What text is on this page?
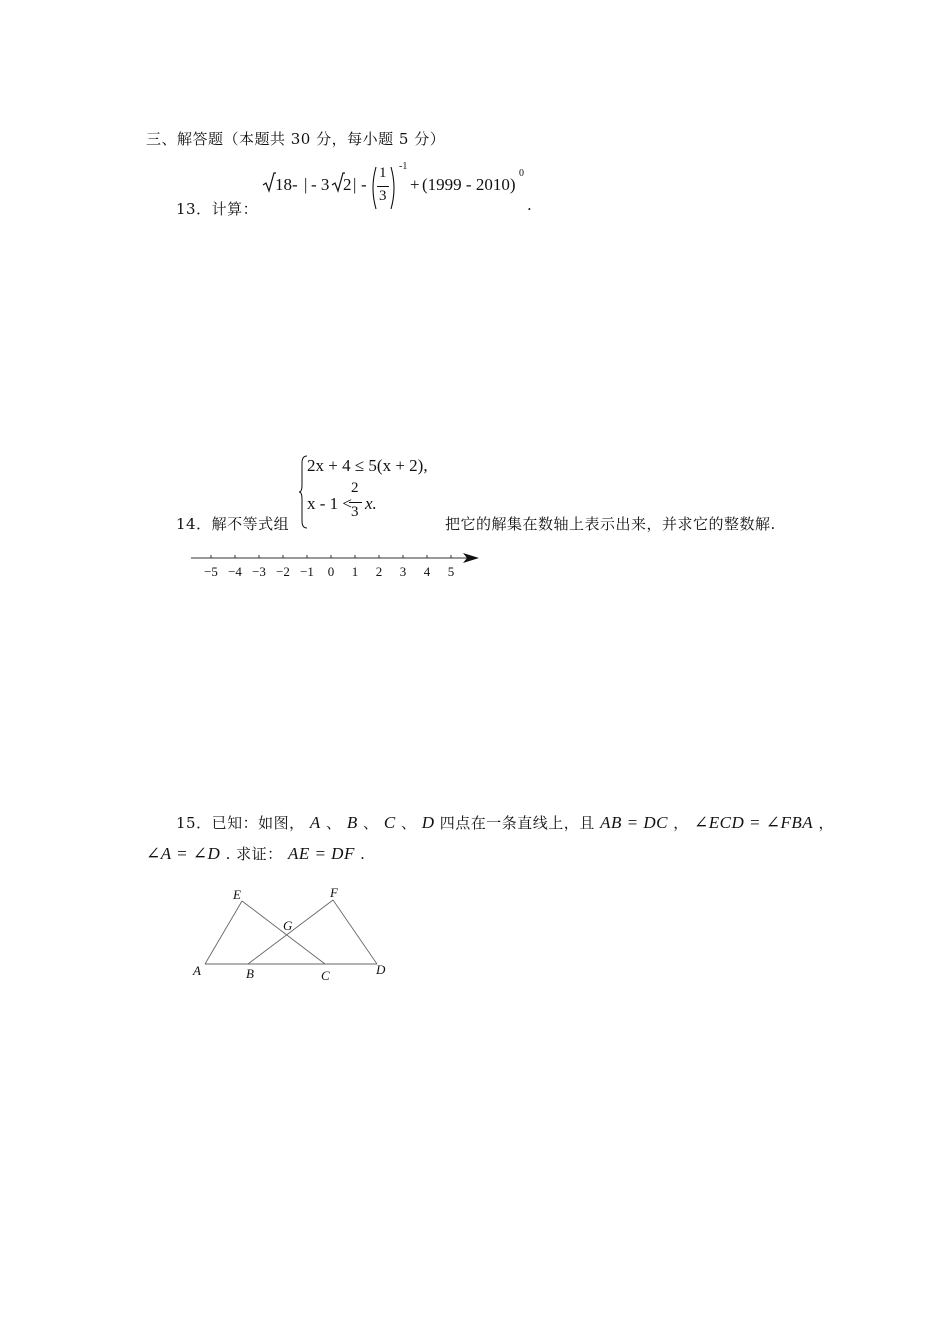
三、解答题（本题共 30 分，每小题 5 分）
13．计算：
18 - | - 3 2 | -
1
3
-1
+ (1999 - 2010)
0
.
14．解不等式组
2x + 4 ≤ 5(x + 2),
x - 1 <
2
3 x.
把它的解集在数轴上表示出来，并求它的整数解.
−5 −4 −3 −2 −1 0 1 2 3 4 5
15．已知：如图， A 、 B 、 C 、 D 四点在一条直线上，且 AB = DC ， ∠ECD = ∠FBA ，
∠A = ∠D . 求证： AE = DF .
E	F
G
A	B	C	D
